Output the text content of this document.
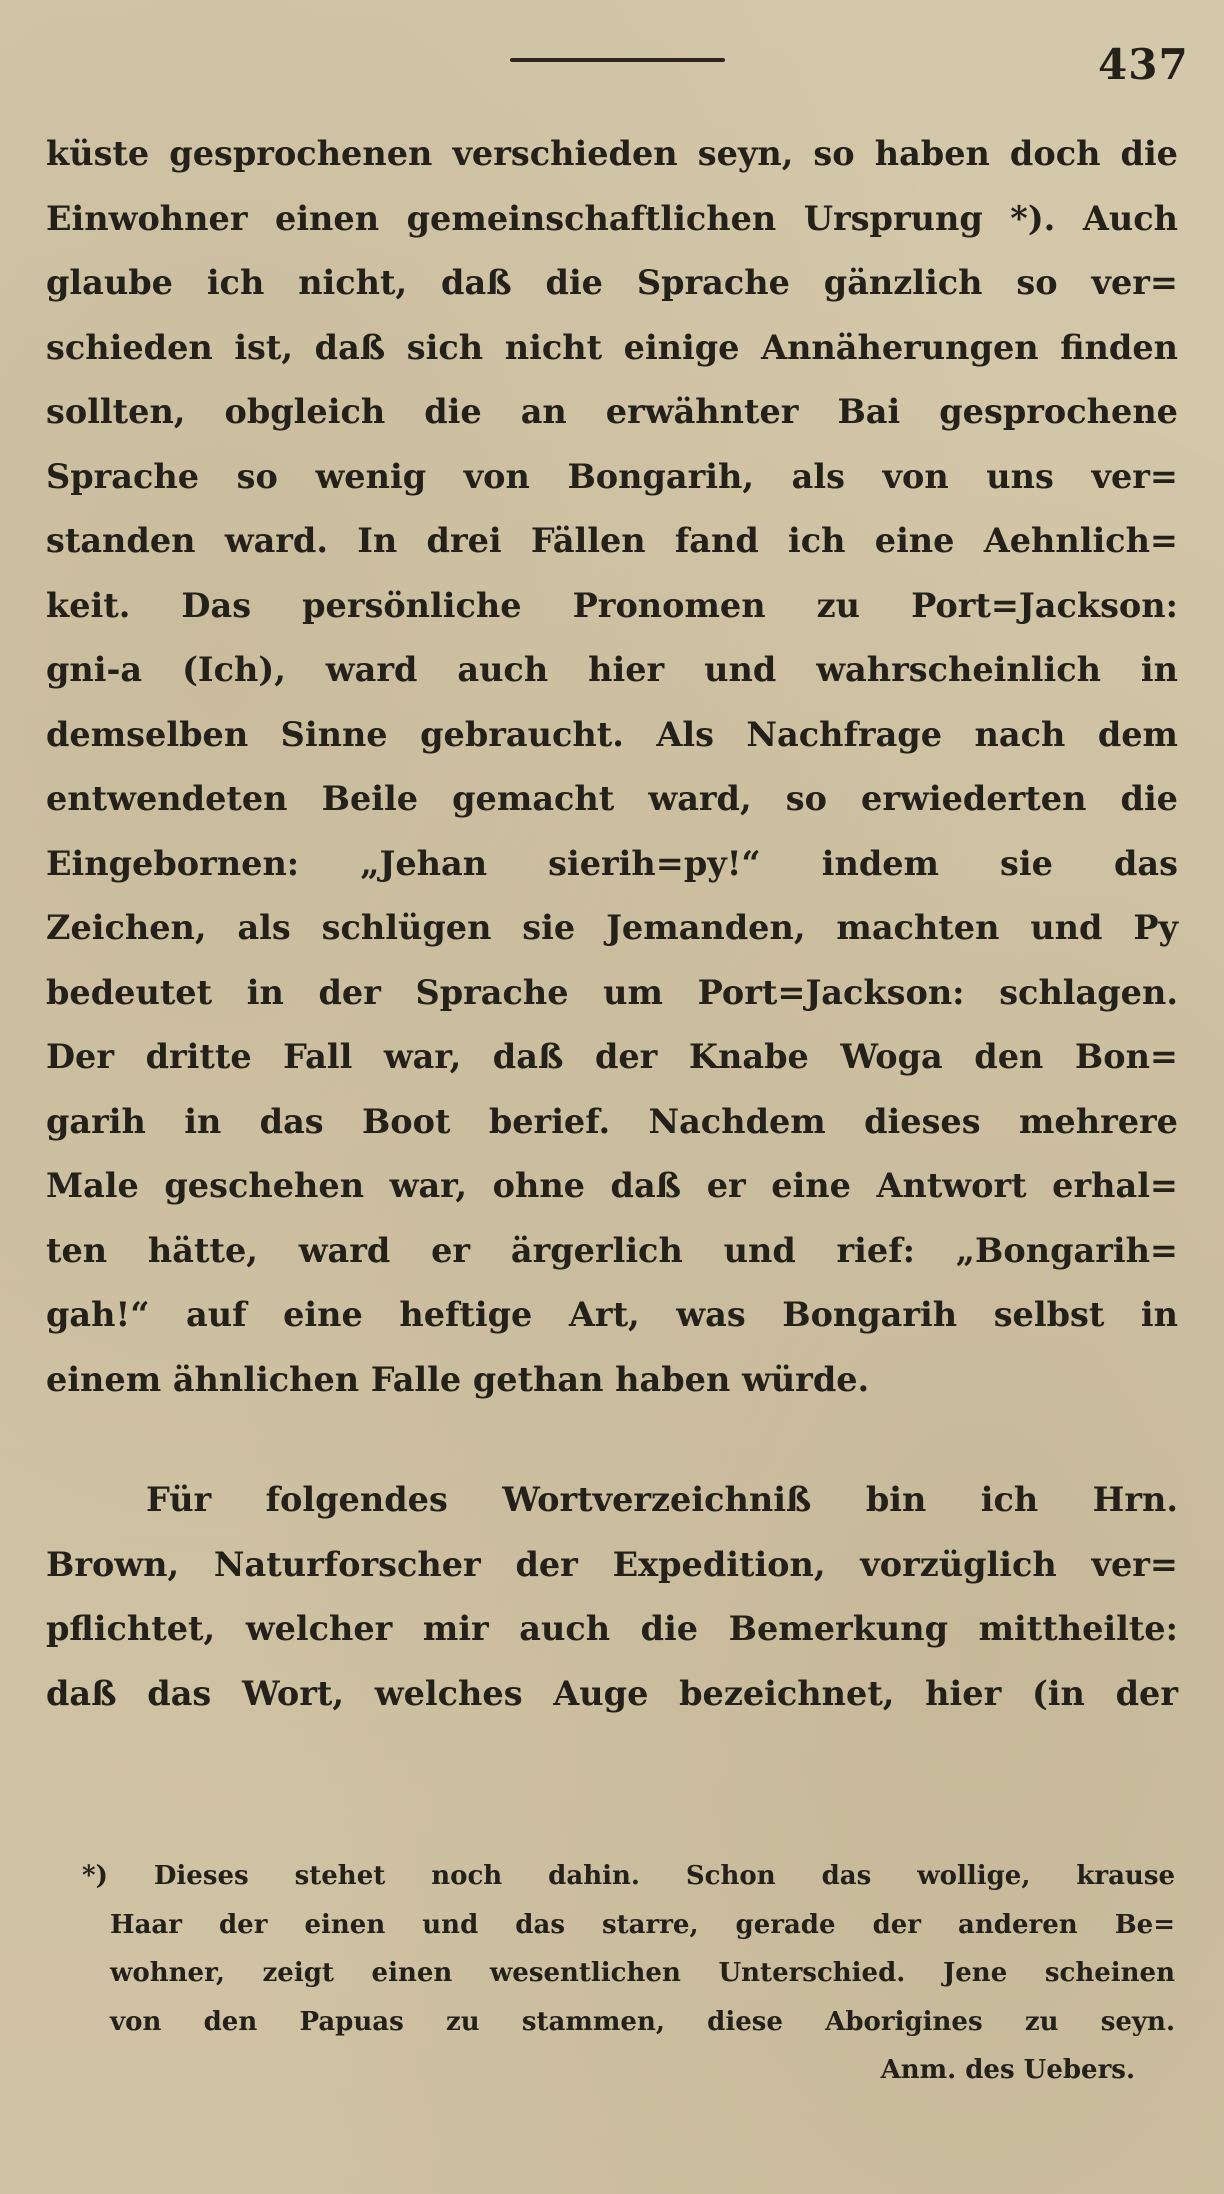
437
küste gesprochenen verschieden seyn, so haben doch die
Einwohner einen gemeinschaftlichen Ursprung *). Auch
glaube ich nicht, daß die Sprache gänzlich so ver=
schieden ist, daß sich nicht einige Annäherungen finden
sollten, obgleich die an erwähnter Bai gesprochene
Sprache so wenig von Bongarih, als von uns ver=
standen ward. In drei Fällen fand ich eine Aehnlich=
keit. Das persönliche Pronomen zu Port=Jackson:
gni-a (Ich), ward auch hier und wahrscheinlich in
demselben Sinne gebraucht. Als Nachfrage nach dem
entwendeten Beile gemacht ward, so erwiederten die
Eingebornen: „Jehan sierih=py!“ indem sie das
Zeichen, als schlügen sie Jemanden, machten und Py
bedeutet in der Sprache um Port=Jackson: schlagen.
Der dritte Fall war, daß der Knabe Woga den Bon=
garih in das Boot berief. Nachdem dieses mehrere
Male geschehen war, ohne daß er eine Antwort erhal=
ten hätte, ward er ärgerlich und rief: „Bongarih=
gah!“ auf eine heftige Art, was Bongarih selbst in
einem ähnlichen Falle gethan haben würde.
Für folgendes Wortverzeichniß bin ich Hrn.
Brown, Naturforscher der Expedition, vorzüglich ver=
pflichtet, welcher mir auch die Bemerkung mittheilte:
daß das Wort, welches Auge bezeichnet, hier (in der
*) Dieses stehet noch dahin. Schon das wollige, krause
Haar der einen und das starre, gerade der anderen Be=
wohner, zeigt einen wesentlichen Unterschied. Jene scheinen
von den Papuas zu stammen, diese Aborigines zu seyn.
Anm. des Uebers.
